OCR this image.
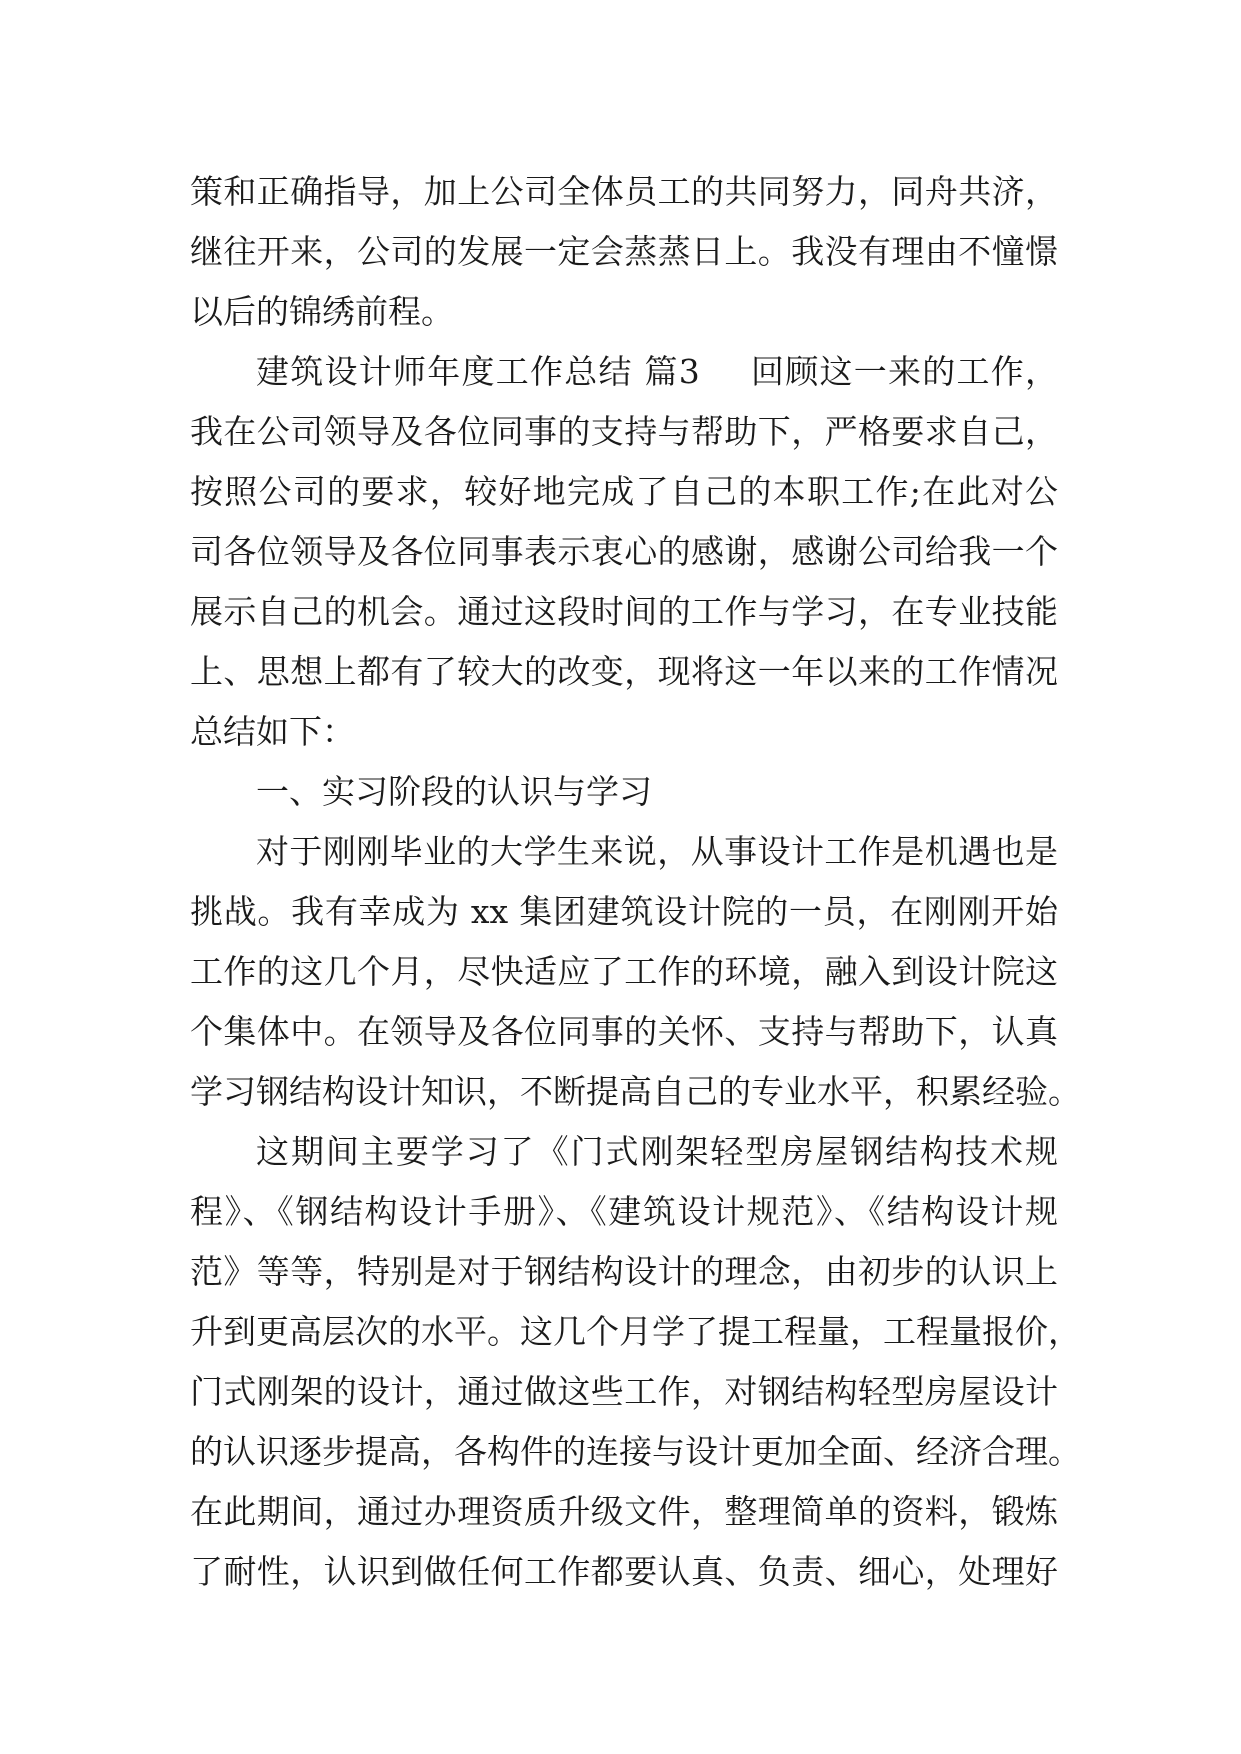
策和正确指导，加上公司全体员工的共同努力，同舟共济，
继往开来，公司的发展一定会蒸蒸日上。我没有理由不憧憬
以后的锦绣前程。
建筑设计师年度工作总结 篇3 回顾这一来的工作，
我在公司领导及各位同事的支持与帮助下，严格要求自己，
按照公司的要求，较好地完成了自己的本职工作;在此对公
司各位领导及各位同事表示衷心的感谢，感谢公司给我一个
展示自己的机会。通过这段时间的工作与学习，在专业技能
上、思想上都有了较大的改变，现将这一年以来的工作情况
总结如下：
一、实习阶段的认识与学习
对于刚刚毕业的大学生来说，从事设计工作是机遇也是
挑战。我有幸成为 xx 集团建筑设计院的一员，在刚刚开始
工作的这几个月，尽快适应了工作的环境，融入到设计院这
个集体中。在领导及各位同事的关怀、支持与帮助下，认真
学习钢结构设计知识，不断提高自己的专业水平，积累经验。
这期间主要学习了《门式刚架轻型房屋钢结构技术规
程》、《钢结构设计手册》、《建筑设计规范》、《结构设计规
范》等等，特别是对于钢结构设计的理念，由初步的认识上
升到更高层次的水平。这几个月学了提工程量，工程量报价，
门式刚架的设计，通过做这些工作，对钢结构轻型房屋设计
的认识逐步提高，各构件的连接与设计更加全面、经济合理。
在此期间，通过办理资质升级文件，整理简单的资料，锻炼
了耐性，认识到做任何工作都要认真、负责、细心，处理好
